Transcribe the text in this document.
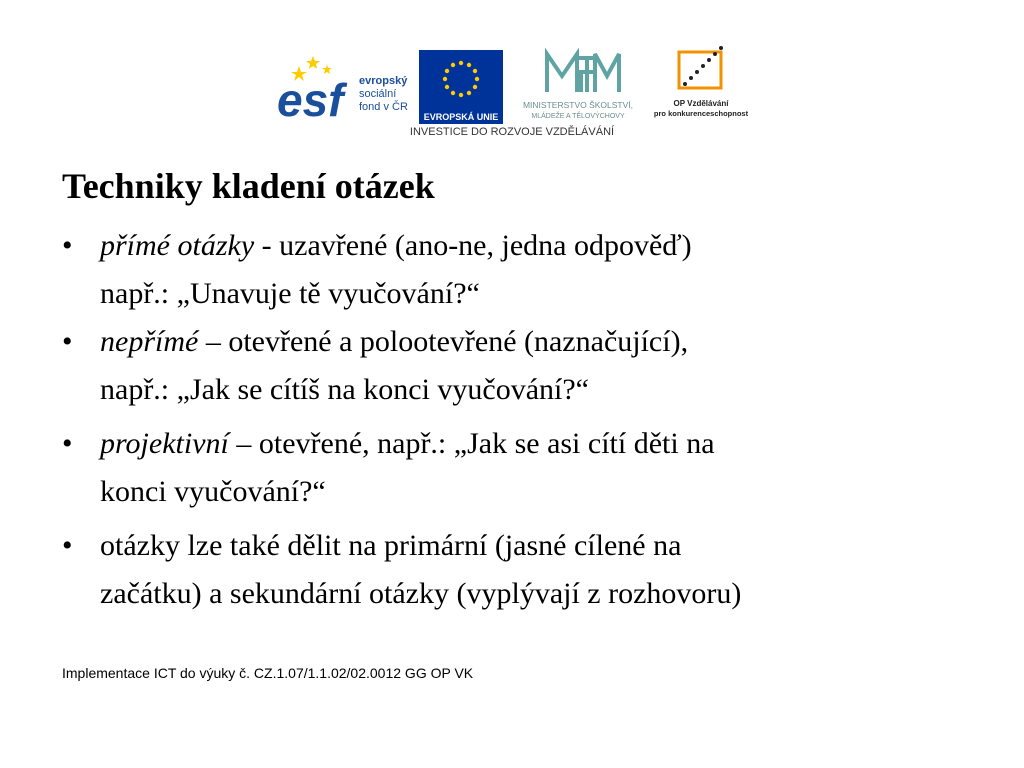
esf	evropský
sociální
fond v ČR
EVROPSKÁ UNIE
MINISTERSTVO ŠKOLSTVÍ,
MLÁDEŽE A TĚLOVÝCHOVY
OP Vzdělávání
pro konkurenceschopnost
INVESTICE DO ROZVOJE VZDĚLÁVÁNÍ
Techniky kladení otázek
• přímé otázky - uzavřené (ano-ne, jedna odpověď)
např.: „Unavuje tě vyučování?“
• nepřímé – otevřené a polootevřené (naznačující),
např.: „Jak se cítíš na konci vyučování?“
• projektivní – otevřené, např.: „Jak se asi cítí děti na
konci vyučování?“
• otázky lze také dělit na primární (jasné cílené na
začátku) a sekundární otázky (vyplývají z rozhovoru)

Implementace ICT do výuky č. CZ.1.07/1.1.02/02.0012 GG OP VK
